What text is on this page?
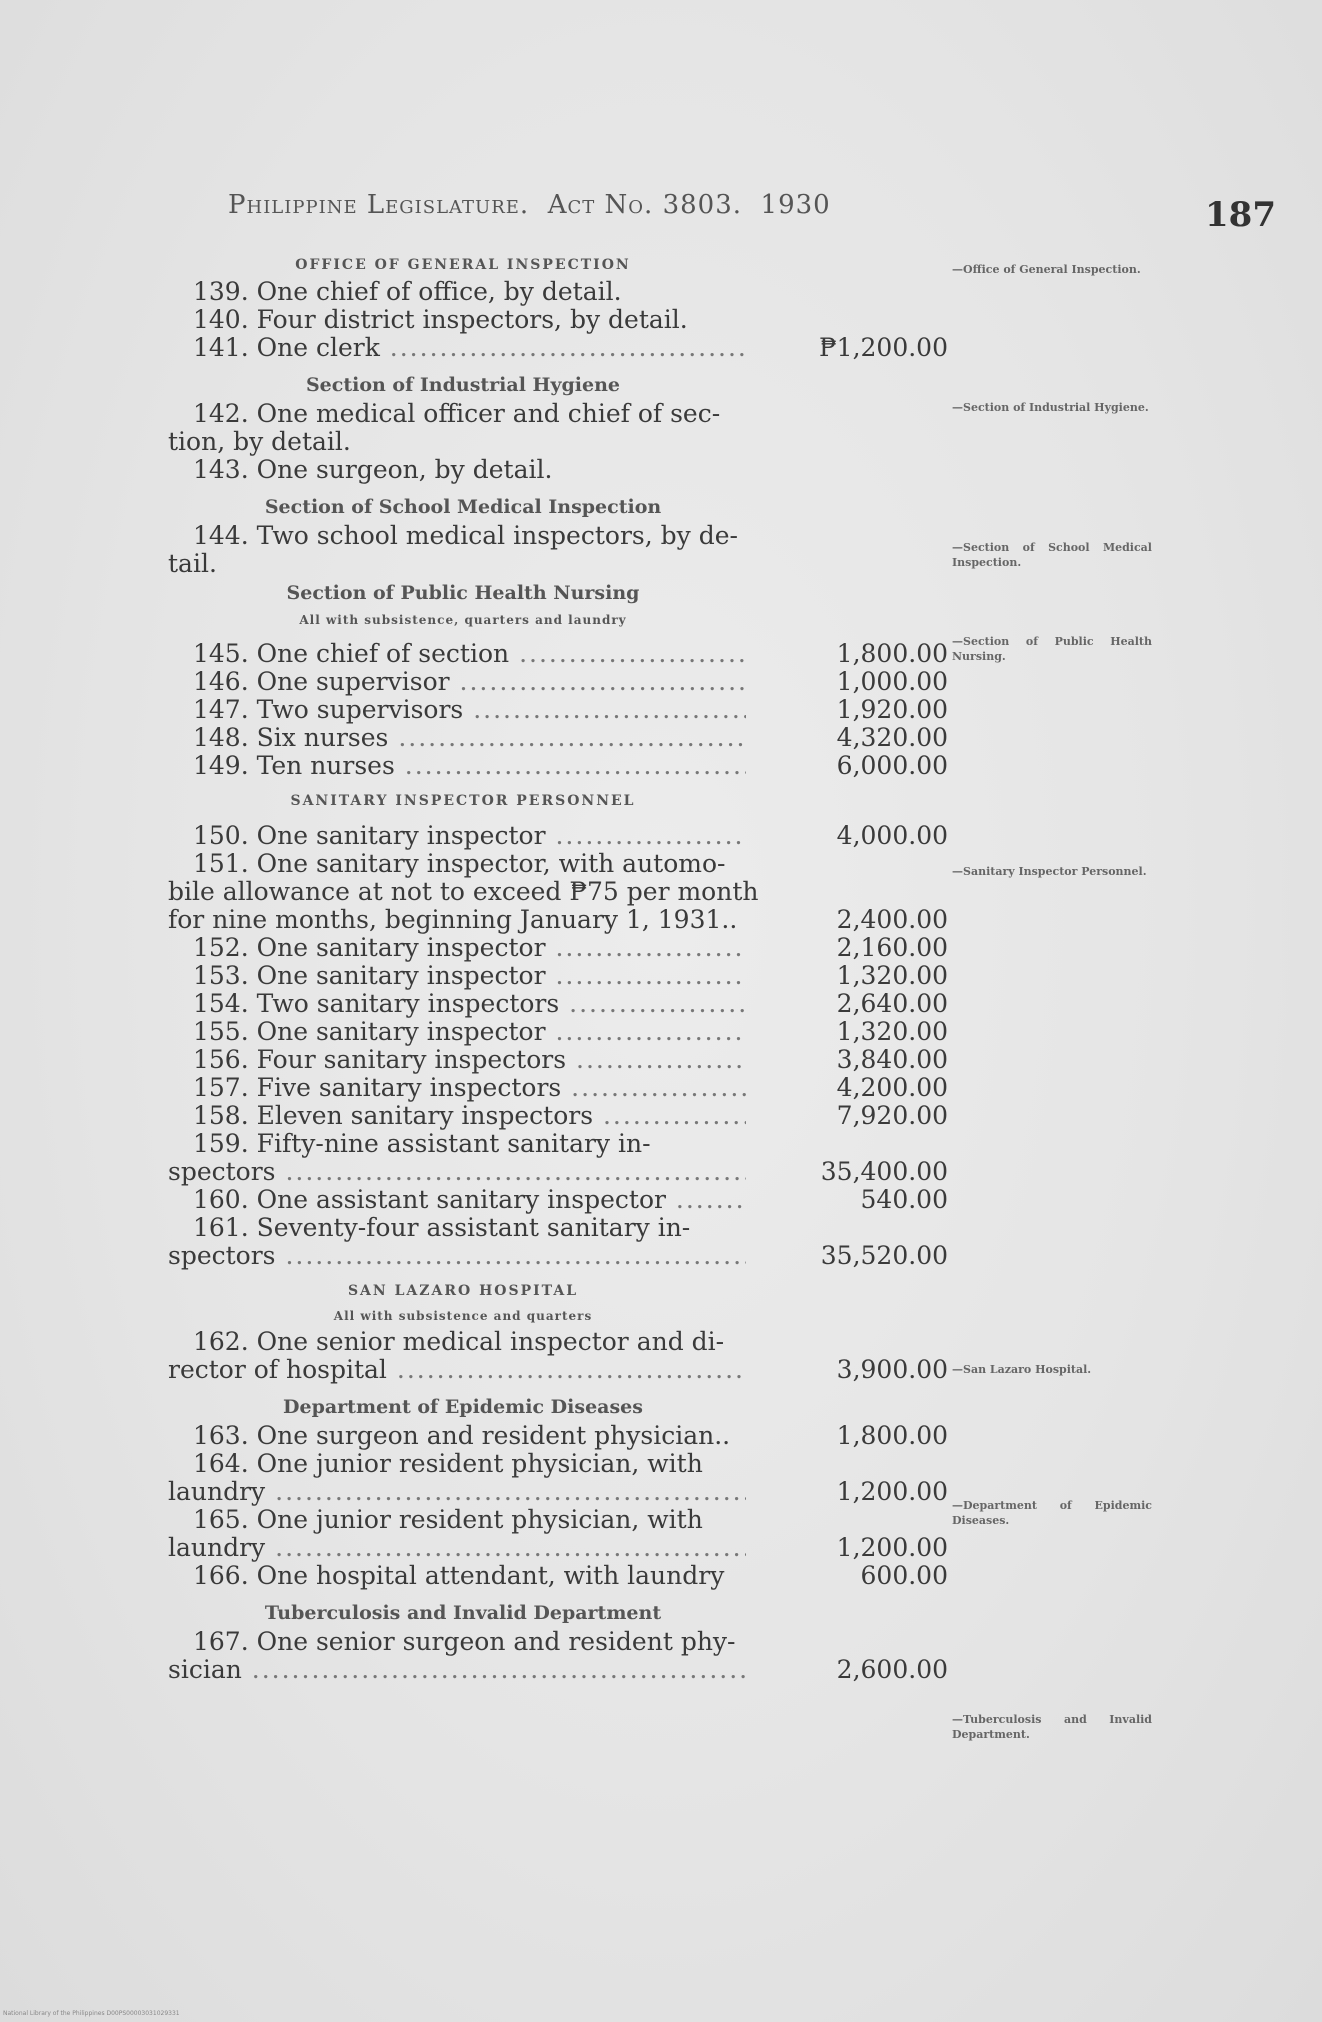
Philippine Legislature. Act No. 3803. 1930	187
OFFICE OF GENERAL INSPECTION
139. One chief of office, by detail.
140. Four district inspectors, by detail.
141. One clerk .....	₱1,200.00
Section of Industrial Hygiene
142. One medical officer and chief of sec-
tion, by detail.
143. One surgeon, by detail.
Section of School Medical Inspection
144. Two school medical inspectors, by de-
tail.
Section of Public Health Nursing
All with subsistence, quarters and laundry
145. One chief of section .....	1,800.00
146. One supervisor .....	1,000.00
147. Two supervisors .....	1,920.00
148. Six nurses .....	4,320.00
149. Ten nurses .....	6,000.00
SANITARY INSPECTOR PERSONNEL
150. One sanitary inspector .....	4,000.00
151. One sanitary inspector, with automo-
bile allowance at not to exceed ₱75 per month
for nine months, beginning January 1, 1931..	2,400.00
152. One sanitary inspector .....	2,160.00
153. One sanitary inspector .....	1,320.00
154. Two sanitary inspectors .....	2,640.00
155. One sanitary inspector .....	1,320.00
156. Four sanitary inspectors .....	3,840.00
157. Five sanitary inspectors .....	4,200.00
158. Eleven sanitary inspectors .....	7,920.00
159. Fifty-nine assistant sanitary in-
spectors .....	35,400.00
160. One assistant sanitary inspector .....	540.00
161. Seventy-four assistant sanitary in-
spectors .....	35,520.00
SAN LAZARO HOSPITAL
All with subsistence and quarters
162. One senior medical inspector and di-
rector of hospital .....	3,900.00
Department of Epidemic Diseases
163. One surgeon and resident physician..	1,800.00
164. One junior resident physician, with
laundry .....	1,200.00
165. One junior resident physician, with
laundry .....	1,200.00
166. One hospital attendant, with laundry	600.00
Tuberculosis and Invalid Department
167. One senior surgeon and resident phy-
sician .....	2,600.00
—Office of General Inspection.
—Section of Industrial Hygiene.
—Section of School Medical Inspection.
—Section of Public Health Nursing.
—Sanitary Inspector Personnel.
—San Lazaro Hospital.
—Department of Epidemic Diseases.
—Tuberculosis and Invalid Department.
National Library of the Philippines D00PS00003031029331
